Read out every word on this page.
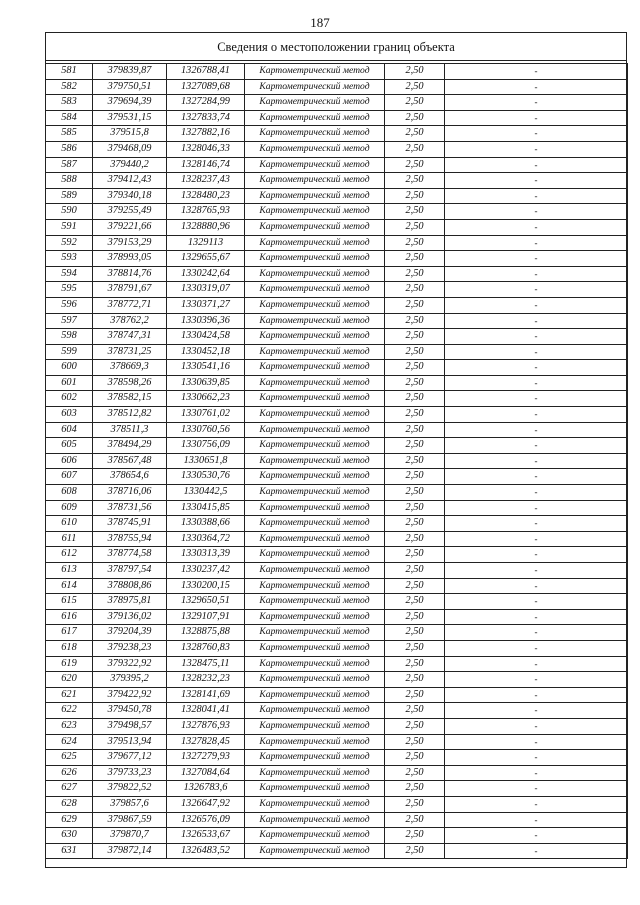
187
Сведения о местоположении границ объекта
581	379839,87	1326788,41	Картометрический метод	2,50	-
582	379750,51	1327089,68	Картометрический метод	2,50	-
583	379694,39	1327284,99	Картометрический метод	2,50	-
584	379531,15	1327833,74	Картометрический метод	2,50	-
585	379515,8	1327882,16	Картометрический метод	2,50	-
586	379468,09	1328046,33	Картометрический метод	2,50	-
587	379440,2	1328146,74	Картометрический метод	2,50	-
588	379412,43	1328237,43	Картометрический метод	2,50	-
589	379340,18	1328480,23	Картометрический метод	2,50	-
590	379255,49	1328765,93	Картометрический метод	2,50	-
591	379221,66	1328880,96	Картометрический метод	2,50	-
592	379153,29	1329113	Картометрический метод	2,50	-
593	378993,05	1329655,67	Картометрический метод	2,50	-
594	378814,76	1330242,64	Картометрический метод	2,50	-
595	378791,67	1330319,07	Картометрический метод	2,50	-
596	378772,71	1330371,27	Картометрический метод	2,50	-
597	378762,2	1330396,36	Картометрический метод	2,50	-
598	378747,31	1330424,58	Картометрический метод	2,50	-
599	378731,25	1330452,18	Картометрический метод	2,50	-
600	378669,3	1330541,16	Картометрический метод	2,50	-
601	378598,26	1330639,85	Картометрический метод	2,50	-
602	378582,15	1330662,23	Картометрический метод	2,50	-
603	378512,82	1330761,02	Картометрический метод	2,50	-
604	378511,3	1330760,56	Картометрический метод	2,50	-
605	378494,29	1330756,09	Картометрический метод	2,50	-
606	378567,48	1330651,8	Картометрический метод	2,50	-
607	378654,6	1330530,76	Картометрический метод	2,50	-
608	378716,06	1330442,5	Картометрический метод	2,50	-
609	378731,56	1330415,85	Картометрический метод	2,50	-
610	378745,91	1330388,66	Картометрический метод	2,50	-
611	378755,94	1330364,72	Картометрический метод	2,50	-
612	378774,58	1330313,39	Картометрический метод	2,50	-
613	378797,54	1330237,42	Картометрический метод	2,50	-
614	378808,86	1330200,15	Картометрический метод	2,50	-
615	378975,81	1329650,51	Картометрический метод	2,50	-
616	379136,02	1329107,91	Картометрический метод	2,50	-
617	379204,39	1328875,88	Картометрический метод	2,50	-
618	379238,23	1328760,83	Картометрический метод	2,50	-
619	379322,92	1328475,11	Картометрический метод	2,50	-
620	379395,2	1328232,23	Картометрический метод	2,50	-
621	379422,92	1328141,69	Картометрический метод	2,50	-
622	379450,78	1328041,41	Картометрический метод	2,50	-
623	379498,57	1327876,93	Картометрический метод	2,50	-
624	379513,94	1327828,45	Картометрический метод	2,50	-
625	379677,12	1327279,93	Картометрический метод	2,50	-
626	379733,23	1327084,64	Картометрический метод	2,50	-
627	379822,52	1326783,6	Картометрический метод	2,50	-
628	379857,6	1326647,92	Картометрический метод	2,50	-
629	379867,59	1326576,09	Картометрический метод	2,50	-
630	379870,7	1326533,67	Картометрический метод	2,50	-
631	379872,14	1326483,52	Картометрический метод	2,50	-
